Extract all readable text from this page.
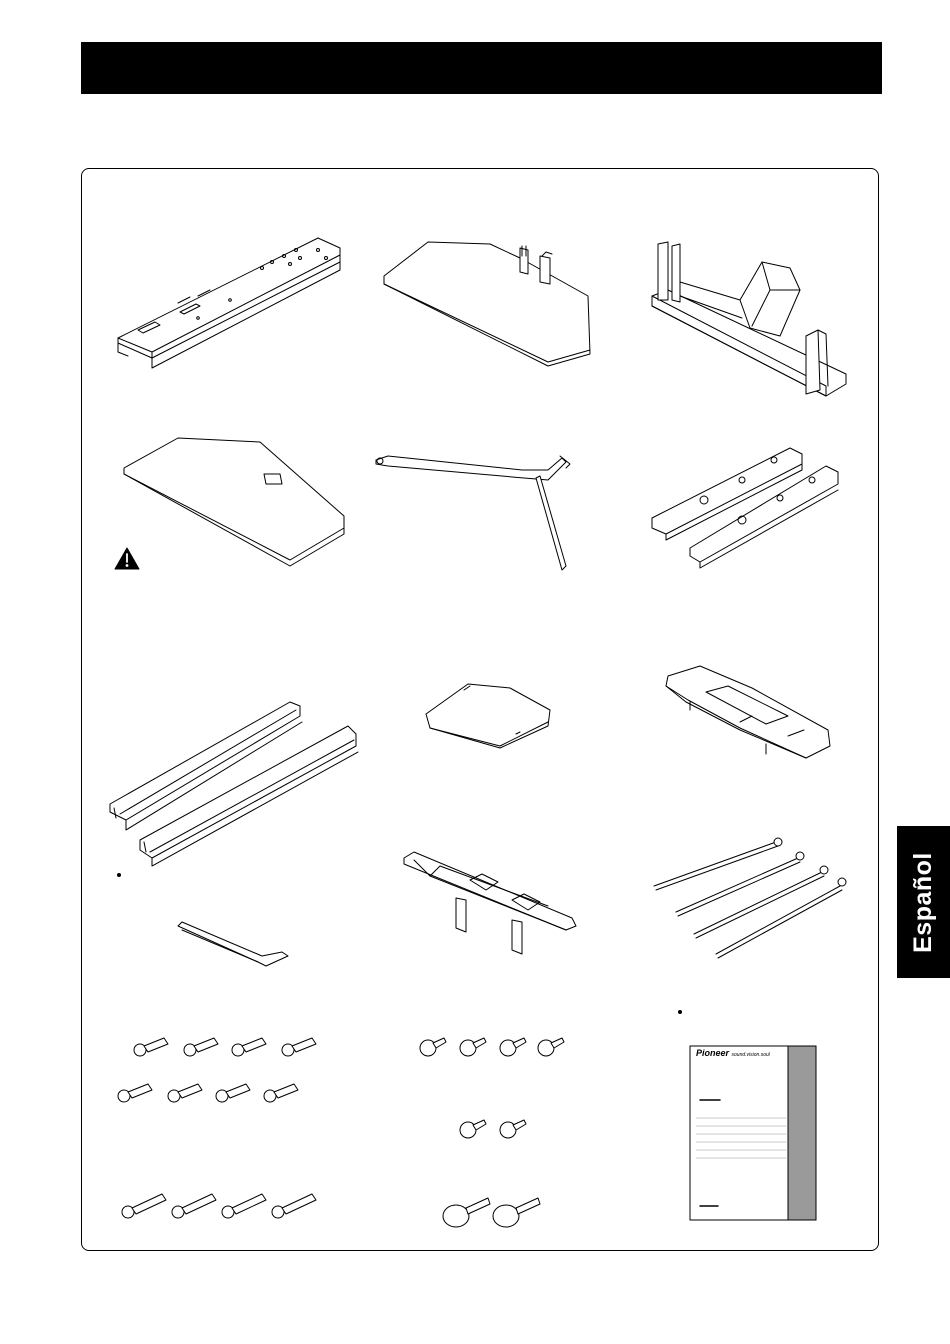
Español
Pioneer sound.vision.soul
